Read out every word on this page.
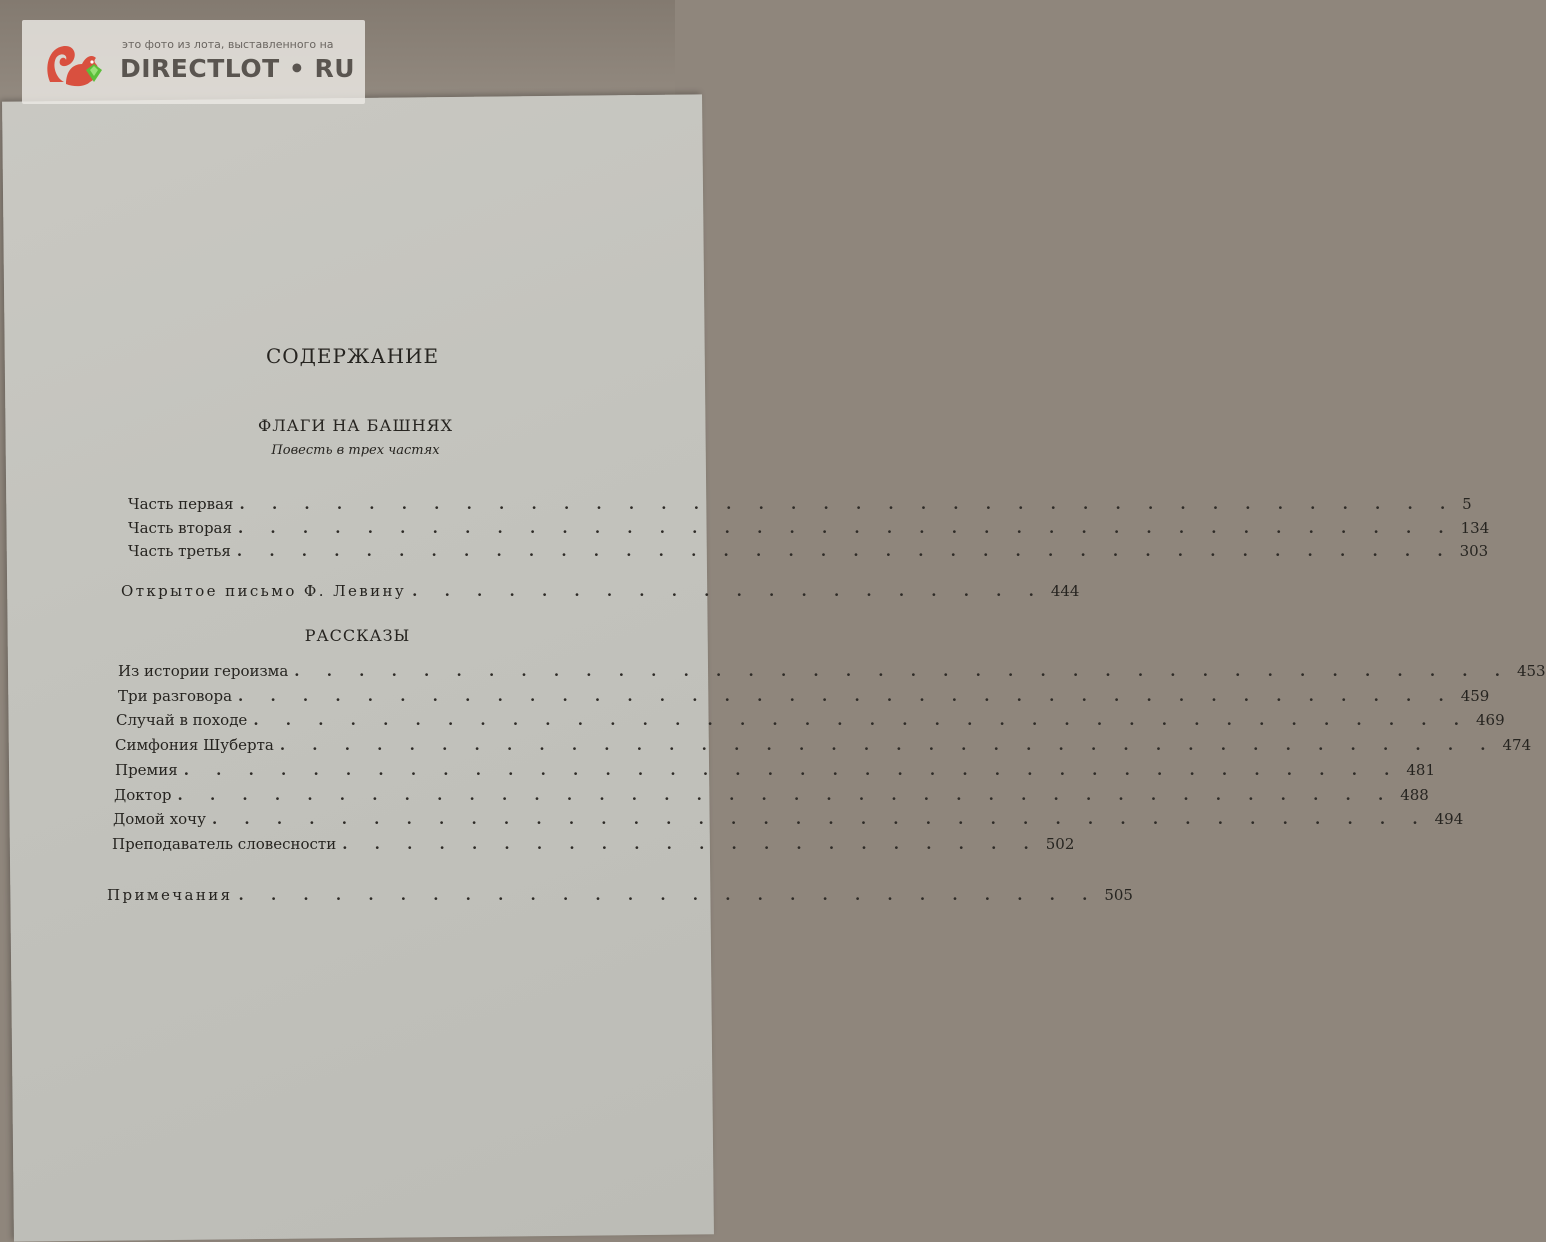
СОДЕРЖАНИЕ
ФЛАГИ НА БАШНЯХ
Повесть в трех частях
Часть первая . . . . . . . . . . . . . . . . . . . . . . . . . . . . . . . . . . . . . . 5
Часть вторая . . . . . . . . . . . . . . . . . . . . . . . . . . . . . . . . . . . . . . 134
Часть третья . . . . . . . . . . . . . . . . . . . . . . . . . . . . . . . . . . . . . . 303
Открытое письмо Ф. Левину . . . . . . . . . . . . . . . . . . . . 444
РАССКАЗЫ
Из истории героизма . . . . . . . . . . . . . . . . . . . . . . . . . . . . . . . . . . . . . . 453
Три разговора . . . . . . . . . . . . . . . . . . . . . . . . . . . . . . . . . . . . . . 459
Случай в походе . . . . . . . . . . . . . . . . . . . . . . . . . . . . . . . . . . . . . . 469
Симфония Шуберта . . . . . . . . . . . . . . . . . . . . . . . . . . . . . . . . . . . . . . 474
Премия . . . . . . . . . . . . . . . . . . . . . . . . . . . . . . . . . . . . . . 481
Доктор . . . . . . . . . . . . . . . . . . . . . . . . . . . . . . . . . . . . . . 488
Домой хочу . . . . . . . . . . . . . . . . . . . . . . . . . . . . . . . . . . . . . . 494
Преподаватель словесности . . . . . . . . . . . . . . . . . . . . . . 502
Примечания . . . . . . . . . . . . . . . . . . . . . . . . . . . 505
это фото из лота, выставленного на
DIRECTLOT • RU
